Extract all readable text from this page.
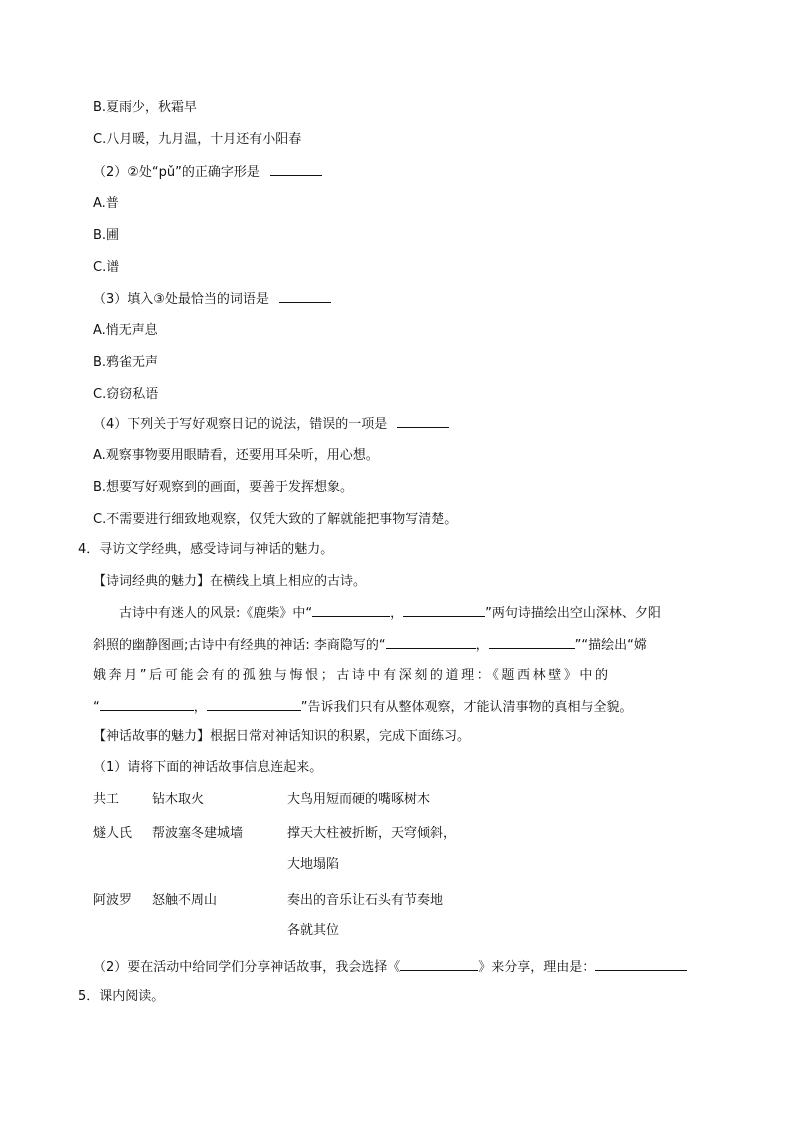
B.夏雨少，秋霜早
C.八月暖，九月温，十月还有小阳春
（2）②处“pǔ”的正确字形是
A.普
B.圃
C.谱
（3）填入③处最恰当的词语是
A.悄无声息
B.鸦雀无声
C.窃窃私语
（4）下列关于写好观察日记的说法，错误的一项是
A.观察事物要用眼睛看，还要用耳朵听，用心想。
B.想要写好观察到的画面，要善于发挥想象。
C.不需要进行细致地观察，仅凭大致的了解就能把事物写清楚。
4．寻访文学经典，感受诗词与神话的魅力。
【诗词经典的魅力】在横线上填上相应的古诗。
古诗中有迷人的风景:《鹿柴》中“	，	”两句诗描绘出空山深林、夕阳
斜照的幽静图画;古诗中有经典的神话: 李商隐写的“	，	”“描绘出“嫦
娥奔月”后可能会有的孤独与悔恨；古诗中有深刻的道理：《题西林壁》中的
“	，	”告诉我们只有从整体观察，才能认清事物的真相与全貌。
【神话故事的魅力】根据日常对神话知识的积累，完成下面练习。
（1）请将下面的神话故事信息连起来。
共工	钻木取火	大鸟用短而硬的嘴啄树木
燧人氏 帮波塞冬建城墙	撑天大柱被折断，天穹倾斜，
大地塌陷
阿波罗 怒触不周山	奏出的音乐让石头有节奏地
各就其位
（2）要在活动中给同学们分享神话故事，我会选择《	》来分享，理由是：
5．课内阅读。
